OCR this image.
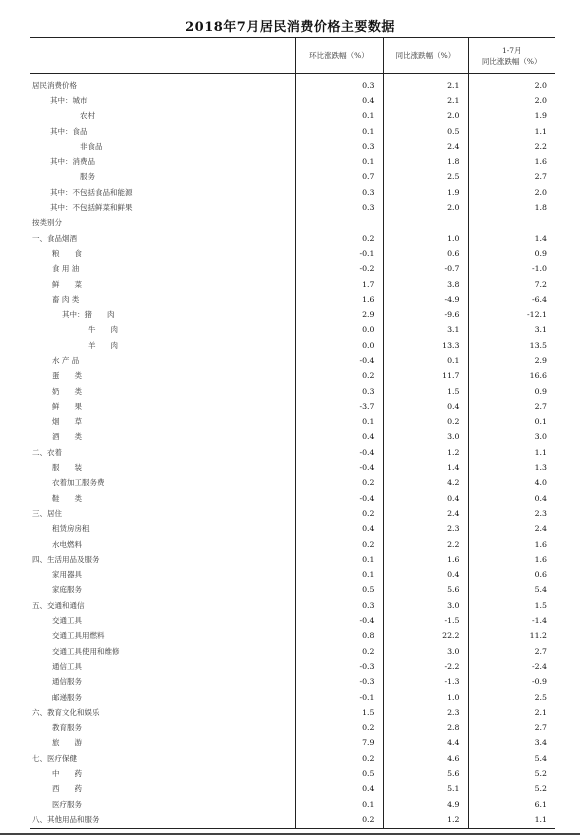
2018年7月居民消费价格主要数据
	环比涨跌幅（%）	同比涨跌幅（%）	1-7月
同比涨跌幅（%）

居民消费价格	0.3	2.1	2.0
其中：城市	0.4	2.1	2.0
农村	0.1	2.0	1.9
其中：食品	0.1	0.5	1.1
非食品	0.3	2.4	2.2
其中：消费品	0.1	1.8	1.6
服务	0.7	2.5	2.7
其中：不包括食品和能源	0.3	1.9	2.0
其中：不包括鲜菜和鲜果	0.3	2.0	1.8
按类别分			
一、食品烟酒	0.2	1.0	1.4
粮　　食	-0.1	0.6	0.9
食 用 油	-0.2	-0.7	-1.0
鲜　　菜	1.7	3.8	7.2
畜 肉 类	1.6	-4.9	-6.4
其中：猪　　肉	2.9	-9.6	-12.1
牛　　肉	0.0	3.1	3.1
羊　　肉	0.0	13.3	13.5
水 产 品	-0.4	0.1	2.9
蛋　　类	0.2	11.7	16.6
奶　　类	0.3	1.5	0.9
鲜　　果	-3.7	0.4	2.7
烟　　草	0.1	0.2	0.1
酒　　类	0.4	3.0	3.0
二、衣着	-0.4	1.2	1.1
服　　装	-0.4	1.4	1.3
衣着加工服务费	0.2	4.2	4.0
鞋　　类	-0.4	0.4	0.4
三、居住	0.2	2.4	2.3
租赁房房租	0.4	2.3	2.4
水电燃料	0.2	2.2	1.6
四、生活用品及服务	0.1	1.6	1.6
家用器具	0.1	0.4	0.6
家庭服务	0.5	5.6	5.4
五、交通和通信	0.3	3.0	1.5
交通工具	-0.4	-1.5	-1.4
交通工具用燃料	0.8	22.2	11.2
交通工具使用和维修	0.2	3.0	2.7
通信工具	-0.3	-2.2	-2.4
通信服务	-0.3	-1.3	-0.9
邮递服务	-0.1	1.0	2.5
六、教育文化和娱乐	1.5	2.3	2.1
教育服务	0.2	2.8	2.7
旅　　游	7.9	4.4	3.4
七、医疗保健	0.2	4.6	5.4
中　　药	0.5	5.6	5.2
西　　药	0.4	5.1	5.2
医疗服务	0.1	4.9	6.1
八、其他用品和服务	0.2	1.2	1.1
